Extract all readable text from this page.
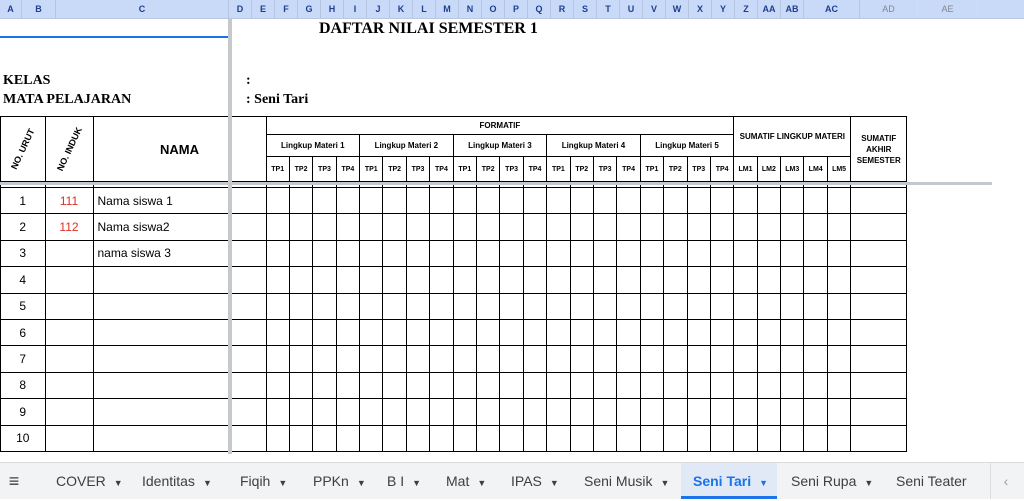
A	B	C	D	E	F	G	H	I	J	K	L	M	N	O	P	Q	R	S	T	U	V	W	X	Y	Z	AA	AB	AC	AD	AE
DAFTAR NILAI SEMESTER 1
KELAS
MATA PELAJARAN
:
: Seni Tari
NO. URUT	NO. INDUK	NAMA	FORMATIF																				SUMATIF LINGKUP MATERI					SUMATIF AKHIR SEMESTER
			Lingkup Materi 1				Lingkup Materi 2				Lingkup Materi 3				Lingkup Materi 4				Lingkup Materi 5									
			TP1	TP2	TP3	TP4	TP1	TP2	TP3	TP4	TP1	TP2	TP3	TP4	TP1	TP2	TP3	TP4	TP1	TP2	TP3	TP4	LM1	LM2	LM3	LM4	LM5	

1	111	Nama siswa 1																										
2	112	Nama siswa2																										
3		nama siswa 3																										
4																												
5																												
6																												
7																												
8																												
9																												
10																												
≡	COVER ▼	Identitas ▼	Fiqih ▼	PPKn ▼	B I ▼	Mat ▼	IPAS ▼	Seni Musik ▼	Seni Tari ▼	Seni Rupa ▼	Seni Teater	‹
